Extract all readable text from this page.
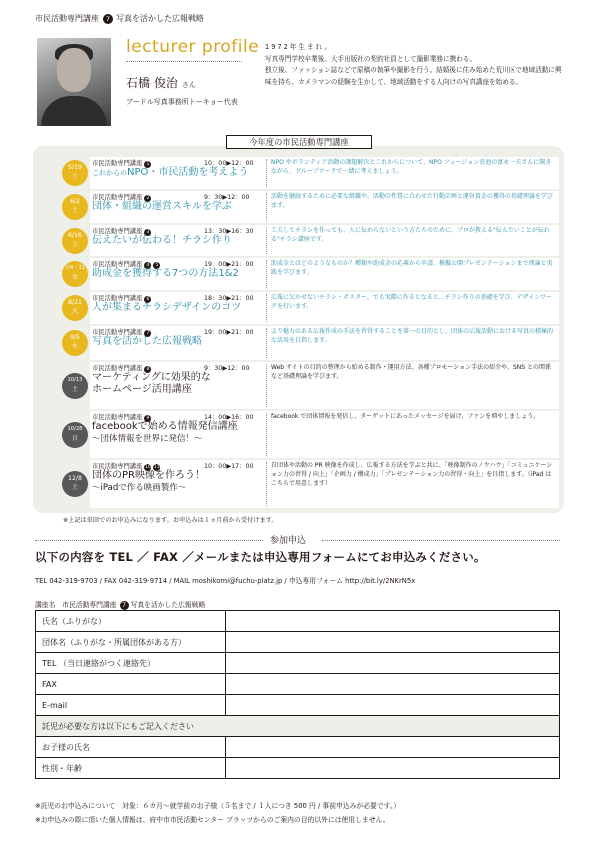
市民活動専門講座 7 写真を活かした広報戦略
lecturer profile
石橋 俊治 さん
ブードル写真事務所トーキョー代表
1972年生まれ。
写真専門学校卒業後、大手出版社の契約社員として撮影業務に携わる。
独立後、ファッション誌などで原稿の執筆や撮影を行う。結婚後に住み始めた荒川区で地域活動に興味を持ち、カメラマンの経験を生かして、地域活動をする人向けの写真講座を始める。
今年度の市民活動専門講座
市民活動専門講座 1	10：00▶12：00
これからのNPO・市民活動を考えよう
NPO やボランティア活動の課題解決とこれからについて、NPO フュージョン長池の富永一夫さんに聞きながら、グループワークで一緒に考えましょう。
5/19
土
市民活動専門講座 2	9：30▶12：00
団体・組織の運営スキルを学ぶ
活動を継続するために必要な組織や、活動の性質に合わせた行動計画と運営資金の獲得の基礎理論を学びます。
6/2
土
市民活動専門講座 3	13：30▶16：30
伝えたいが伝わる！チラシ作り
工夫してチラシを作っても、人に伝わらないという方たちのために、プロが教える"伝えたいことが伝わる"チラシ講座です。
6/16
土
市民活動専門講座 4 5	19：00▶21：00
助成金を獲得する7つの方法1&2
助成金とはどのようなものか？種類や助成金の応募から申請、模擬公開プレゼンテーションまで理論と実践を学びます。
7/4・11
水
市民活動専門講座 6	18：30▶21：00
人が集まるチラシデザインのコツ
広報に欠かせないチラシ・ポスター。でも実際に作るとなると…チラシ作りの基礎を学び、デザインワークを行います。
8/21
火
市民活動専門講座 7	19：00▶21：00
写真を活かした広報戦略
より魅力のある広報作成の手法を習得することを第一の目的とし、団体の広報活動における写真の積極的な活用を目指します。
9/5
水
市民活動専門講座 8	9：30▶12：00
マーケティングに効果的な
ホームページ活用講座
Web サイトの目的の整理から始める制作・運用方法、各種プロモーション手法の紹介や、SNS との関係など基礎理論を学びます。
10/13
土
市民活動専門講座 9	14：00▶16：00
facebookで始める情報発信講座
～団体情報を世界に発信！～
facebook で団体情報を発信し、ターゲットにあったメッセージを届け、ファンを増やしましょう。
10/28
日
市民活動専門講座 10 11	10：00▶17：00
団体のPR映像を作ろう！
～iPadで作る映画製作～
自団体や活動の PR 映像を作成し、広報する方法を学ぶと共に、「映像制作のノウハウ」「コミュニケーション力の習得 / 向上」「企画力 / 構成力」「プレゼンテーション力の習得・向上」を目指します。（iPad はこちらで用意します）
12/8
土
※上記は単回でのお申込みになります。お申込みは１ヵ月前から受付けます。
参加申込
以下の内容を TEL ／ FAX ／メールまたは申込専用フォームにてお申込みください。
TEL 042-319-9703 / FAX 042-319-9714 / MAIL moshikomi@fuchu-platz.jp / 申込専用フォーム http://bit.ly/2NKrN5x
講座名　 市民活動専門講座 7 写真を活かした広報戦略
氏名（ふりがな）	
団体名（ふりがな・所属団体がある方）	
TEL （当日連絡がつく連絡先）	
FAX	
E-mail	
託児が必要な方は以下にもご記入ください	
お子様の氏名	
性別・年齢	
※託児のお申込みについて　対象：６カ月～就学前のお子様（５名まで / １人につき 500 円 / 事前申込みが必要です。）
※お申込みの際に頂いた個人情報は、府中市市民活動センター プラッツからのご案内の目的以外には使用しません。
